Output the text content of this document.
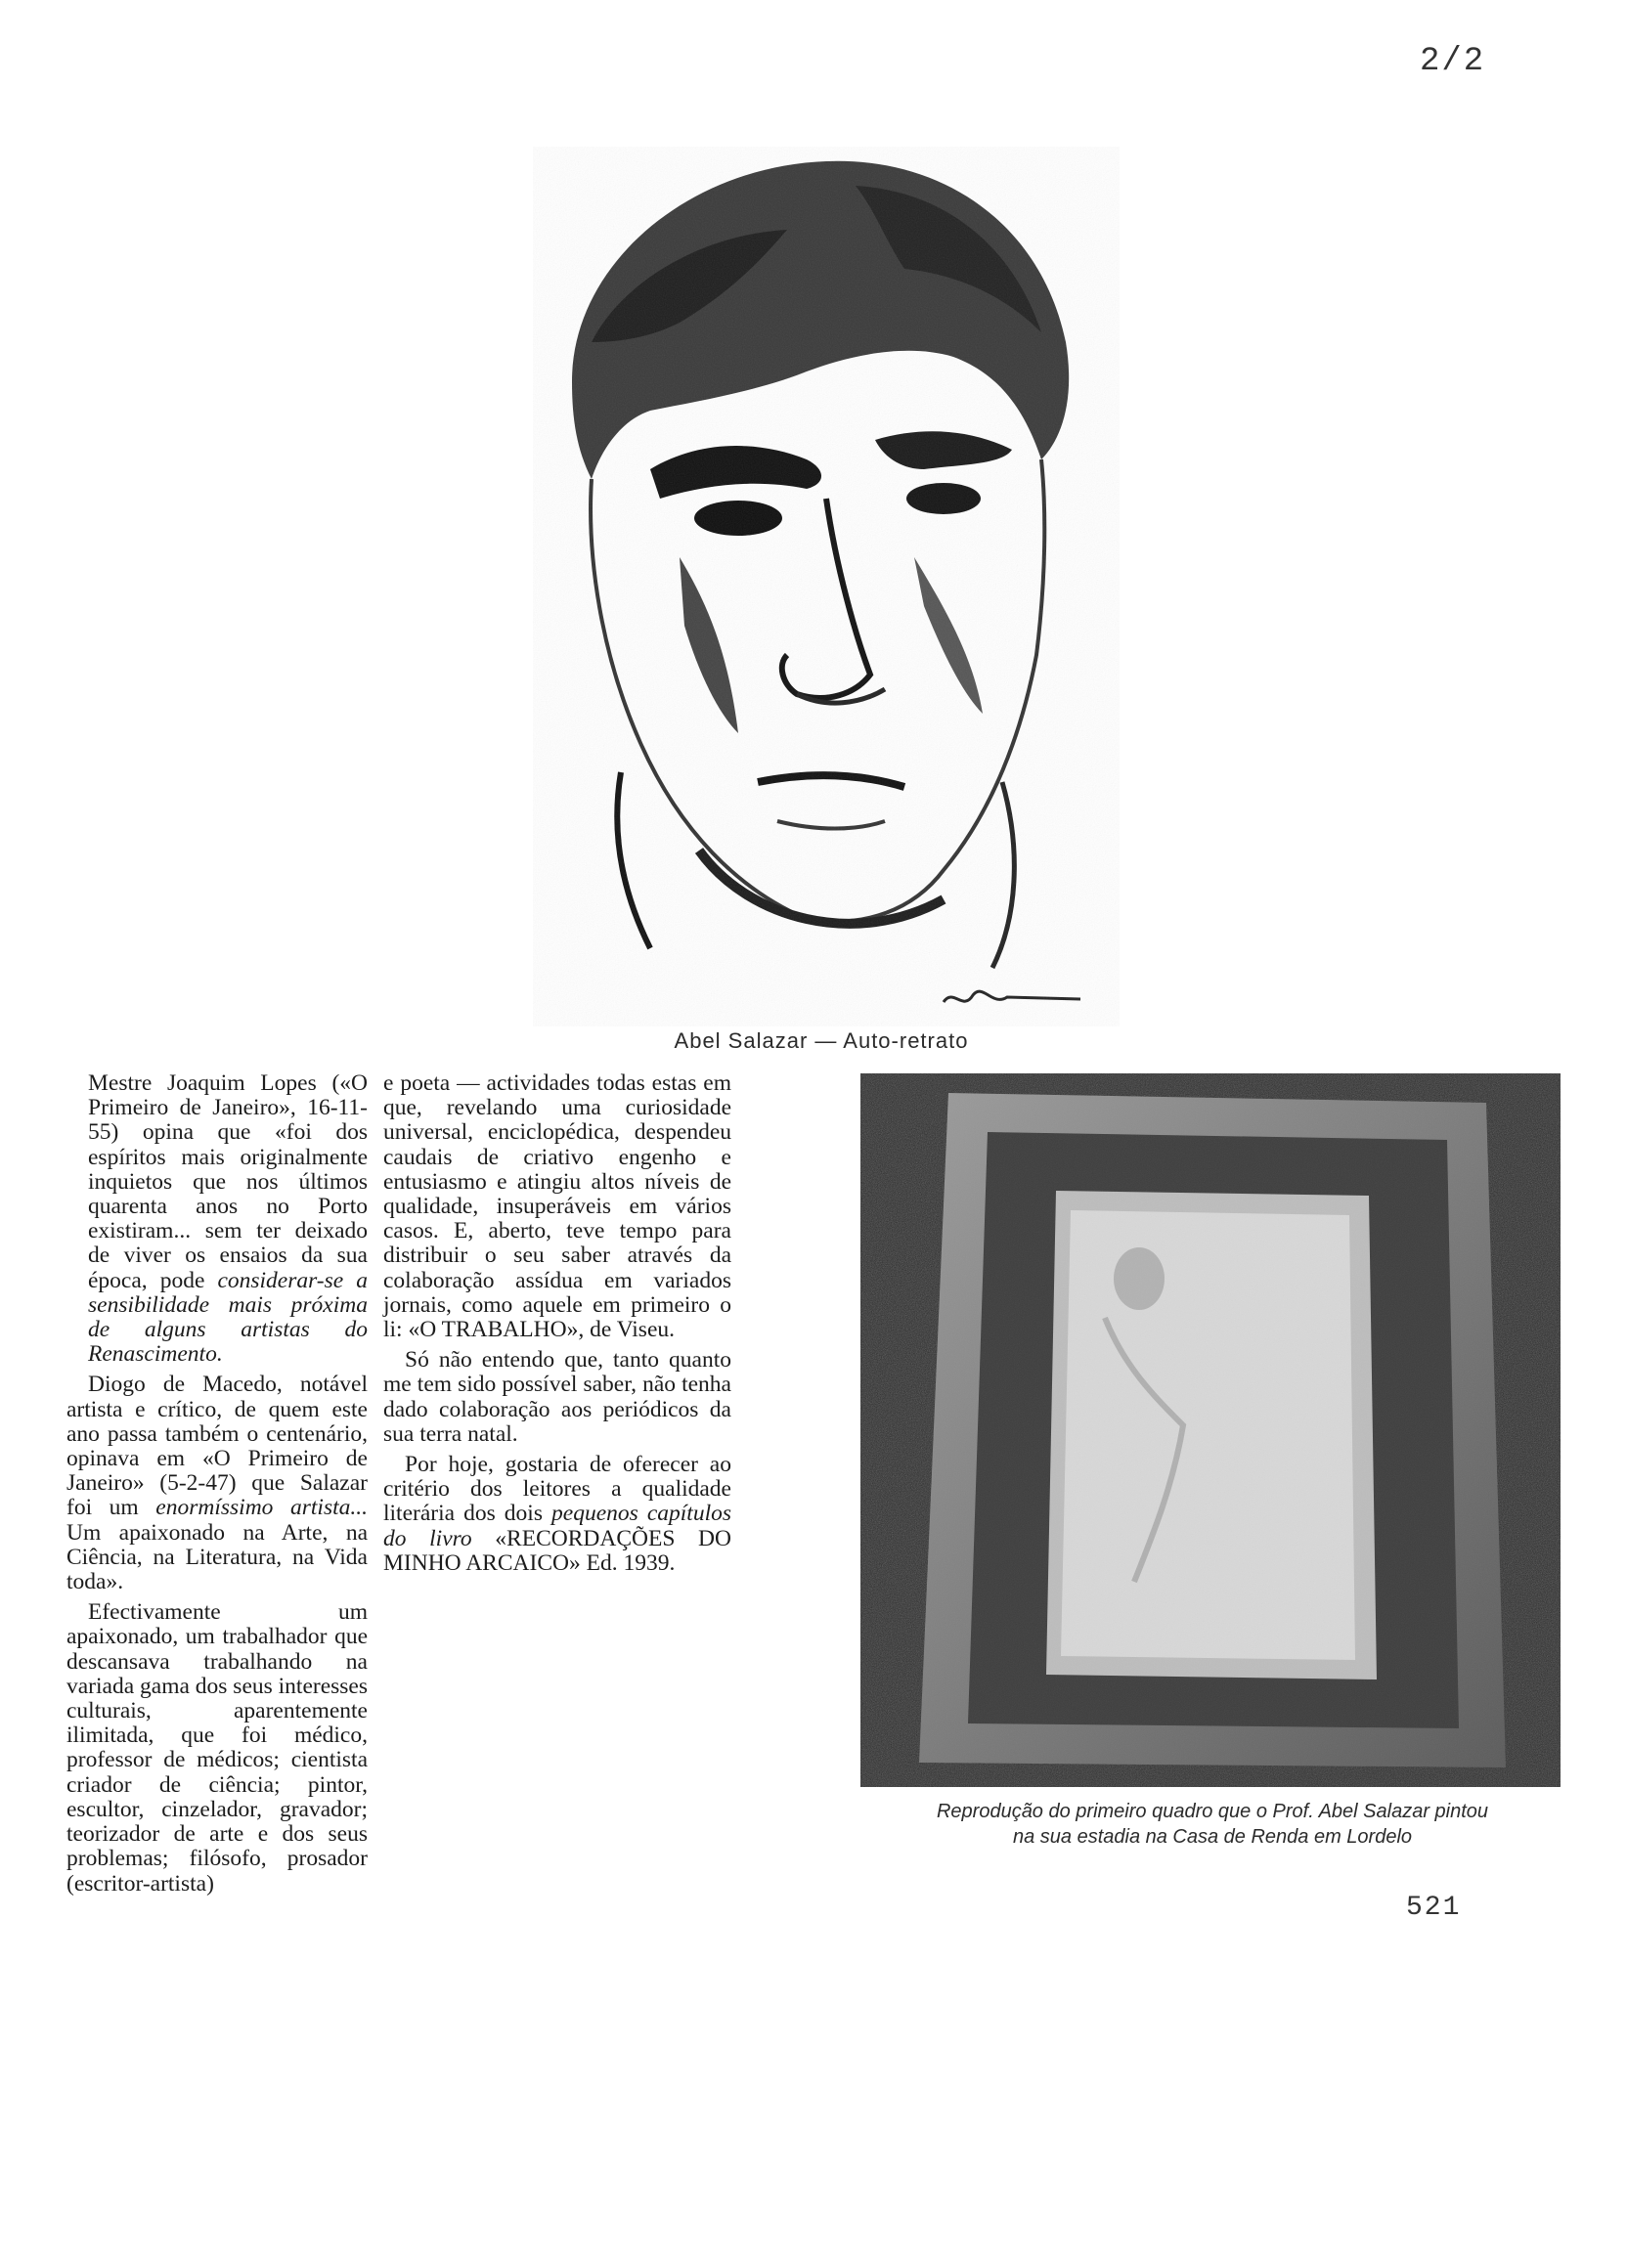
2/2
Abel Salazar — Auto-retrato

Mestre Joaquim Lopes («O Primeiro de Janeiro», 16-11-55) opina que «foi dos espíritos mais originalmente inquietos que nos últimos quarenta anos no Porto existiram... sem ter deixado de viver os ensaios da sua época, pode considerar-se a sensibilidade mais próxima de alguns artistas do Renascimento.

Diogo de Macedo, notável artista e crítico, de quem este ano passa também o centenário, opinava em «O Primeiro de Janeiro» (5-2-47) que Salazar foi um enormíssimo artista... Um apaixonado na Arte, na Ciência, na Literatura, na Vida toda».

Efectivamente um apaixonado, um trabalhador que descansava trabalhando na variada gama dos seus interesses culturais, aparentemente ilimitada, que foi médico, professor de médicos; cientista criador de ciência; pintor, escultor, cinzelador, gravador; teorizador de arte e dos seus problemas; filósofo, prosador (escritor-artista)

e poeta — actividades todas estas em que, revelando uma curiosidade universal, enciclopédica, despendeu caudais de criativo engenho e entusiasmo e atingiu altos níveis de qualidade, insuperáveis em vários casos. E, aberto, teve tempo para distribuir o seu saber através da colaboração assídua em variados jornais, como aquele em primeiro o li: «O TRABALHO», de Viseu.

Só não entendo que, tanto quanto me tem sido possível saber, não tenha dado colaboração aos periódicos da sua terra natal.

Por hoje, gostaria de oferecer ao critério dos leitores a qualidade literária dos dois pequenos capítulos do livro «RECORDAÇÕES DO MINHO ARCAICO» Ed. 1939.

Reprodução do primeiro quadro que o Prof. Abel Salazar pintou
na sua estadia na Casa de Renda em Lordelo
521
